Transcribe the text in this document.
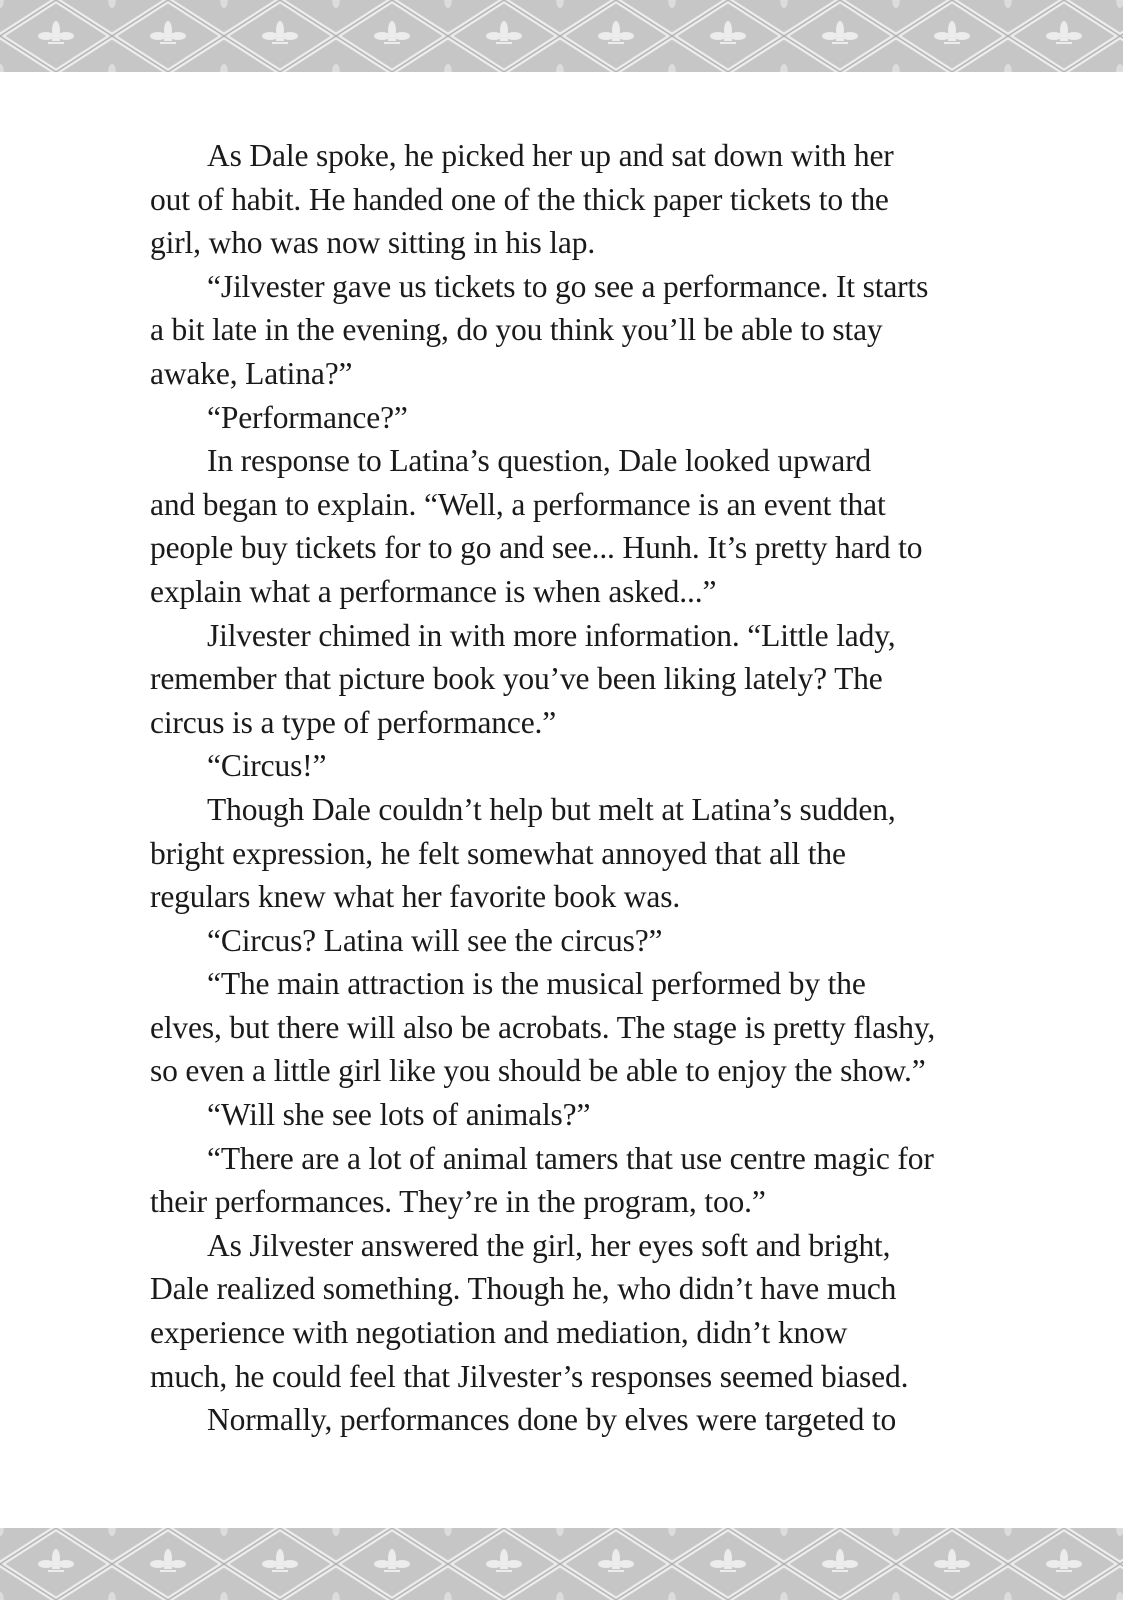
As Dale spoke, he picked her up and sat down with her
out of habit. He handed one of the thick paper tickets to the
girl, who was now sitting in his lap.
“Jilvester gave us tickets to go see a performance. It starts
a bit late in the evening, do you think you’ll be able to stay
awake, Latina?”
“Performance?”
In response to Latina’s question, Dale looked upward
and began to explain. “Well, a performance is an event that
people buy tickets for to go and see... Hunh. It’s pretty hard to
explain what a performance is when asked...”
Jilvester chimed in with more information. “Little lady,
remember that picture book you’ve been liking lately? The
circus is a type of performance.”
“Circus!”
Though Dale couldn’t help but melt at Latina’s sudden,
bright expression, he felt somewhat annoyed that all the
regulars knew what her favorite book was.
“Circus? Latina will see the circus?”
“The main attraction is the musical performed by the
elves, but there will also be acrobats. The stage is pretty flashy,
so even a little girl like you should be able to enjoy the show.”
“Will she see lots of animals?”
“There are a lot of animal tamers that use centre magic for
their performances. They’re in the program, too.”
As Jilvester answered the girl, her eyes soft and bright,
Dale realized something. Though he, who didn’t have much
experience with negotiation and mediation, didn’t know
much, he could feel that Jilvester’s responses seemed biased.
Normally, performances done by elves were targeted to
